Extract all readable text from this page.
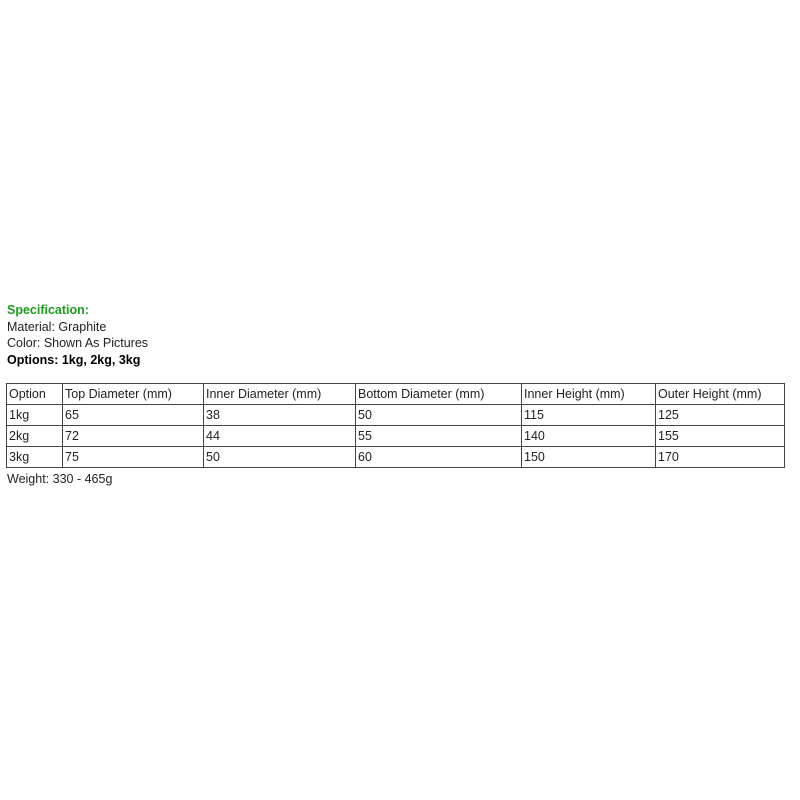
Specification:
Material: Graphite
Color: Shown As Pictures
Options: 1kg, 2kg, 3kg
Option	Top Diameter (mm)	Inner Diameter (mm)	Bottom Diameter (mm)	Inner Height (mm)	Outer Height (mm)
1kg	65	38	50	115	125
2kg	72	44	55	140	155
3kg	75	50	60	150	170
Weight: 330 - 465g
